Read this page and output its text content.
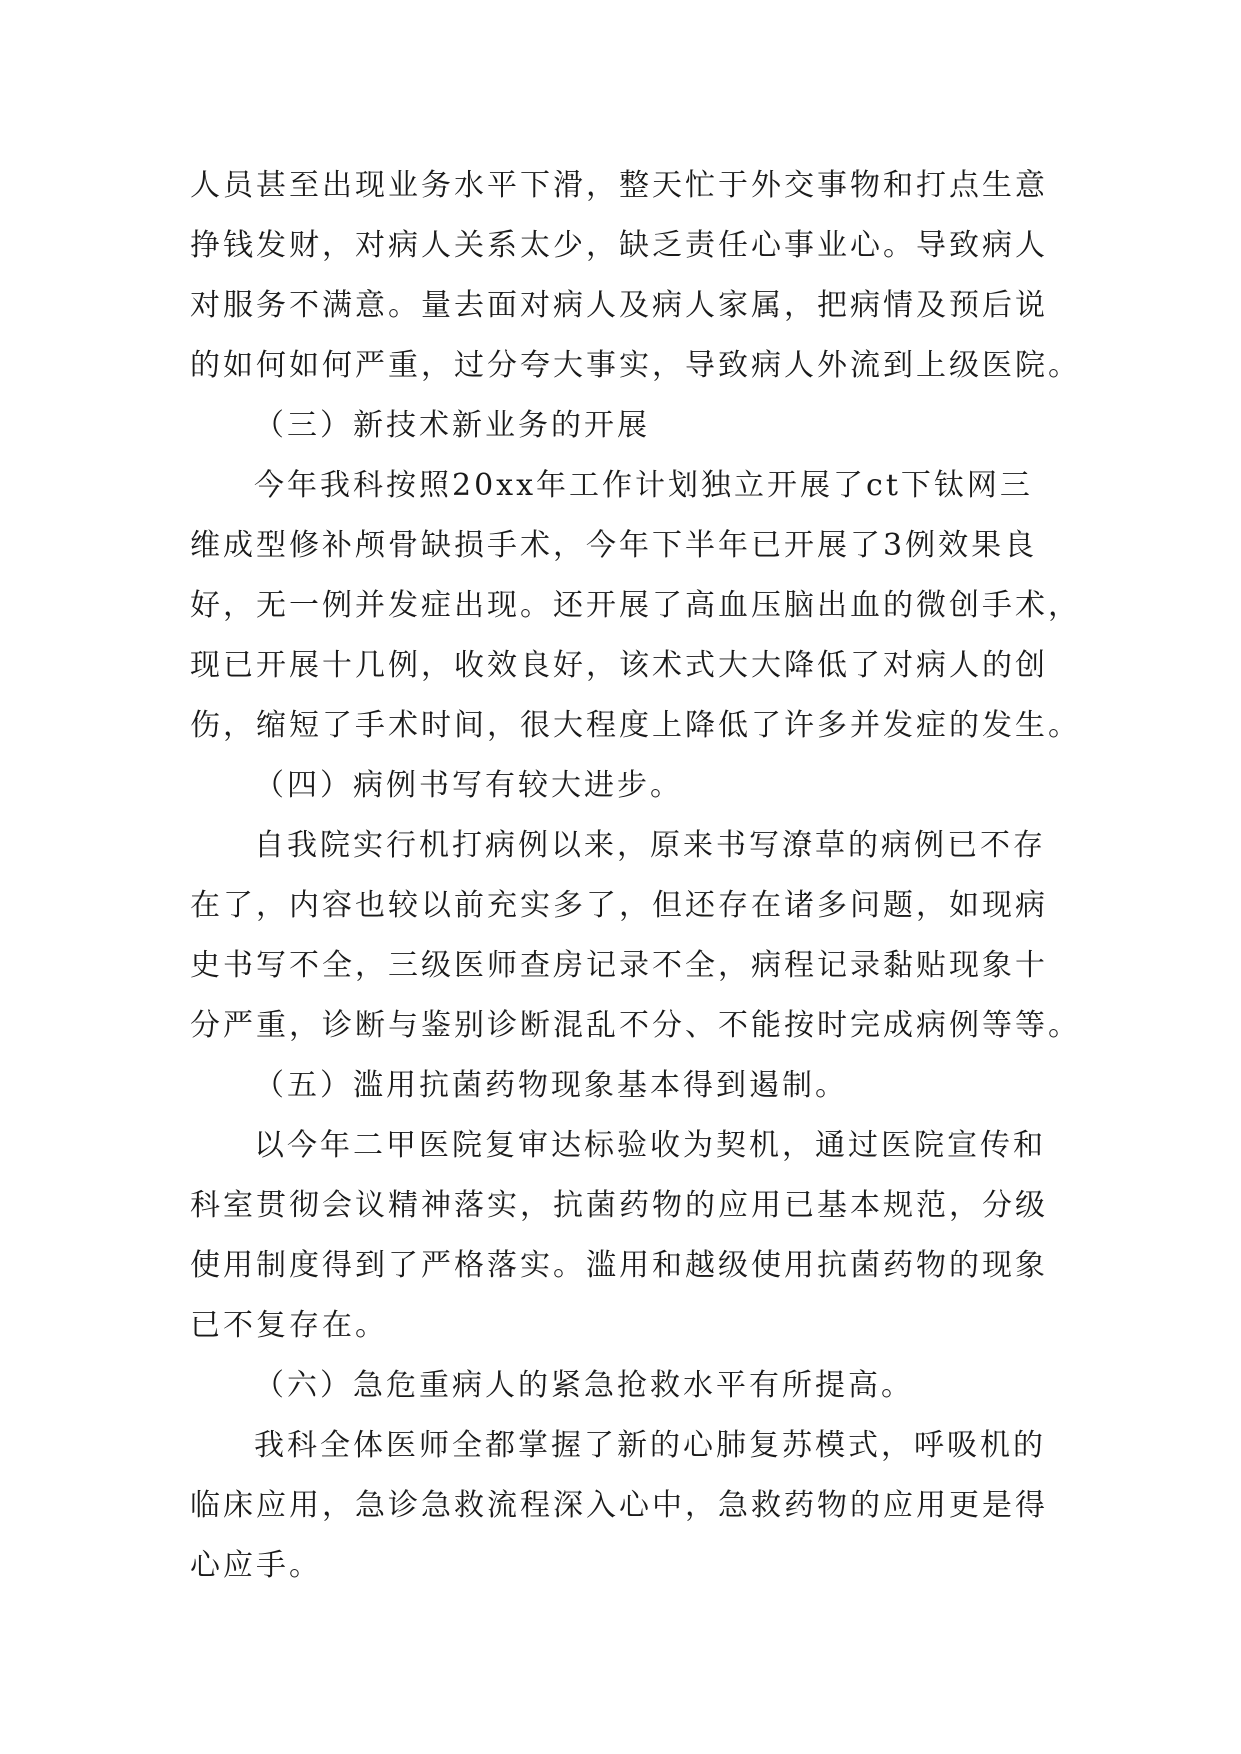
人员甚至出现业务水平下滑，整天忙于外交事物和打点生意
挣钱发财，对病人关系太少，缺乏责任心事业心。导致病人
对服务不满意。量去面对病人及病人家属，把病情及预后说
的如何如何严重，过分夸大事实，导致病人外流到上级医院。
（三）新技术新业务的开展
今年我科按照20xx年工作计划独立开展了ct下钛网三
维成型修补颅骨缺损手术，今年下半年已开展了3例效果良
好，无一例并发症出现。还开展了高血压脑出血的微创手术，
现已开展十几例，收效良好，该术式大大降低了对病人的创
伤，缩短了手术时间，很大程度上降低了许多并发症的发生。
（四）病例书写有较大进步。
自我院实行机打病例以来，原来书写潦草的病例已不存
在了，内容也较以前充实多了，但还存在诸多问题，如现病
史书写不全，三级医师查房记录不全，病程记录黏贴现象十
分严重，诊断与鉴别诊断混乱不分、不能按时完成病例等等。
（五）滥用抗菌药物现象基本得到遏制。
以今年二甲医院复审达标验收为契机，通过医院宣传和
科室贯彻会议精神落实，抗菌药物的应用已基本规范，分级
使用制度得到了严格落实。滥用和越级使用抗菌药物的现象
已不复存在。
（六）急危重病人的紧急抢救水平有所提高。
我科全体医师全都掌握了新的心肺复苏模式，呼吸机的
临床应用，急诊急救流程深入心中，急救药物的应用更是得
心应手。
